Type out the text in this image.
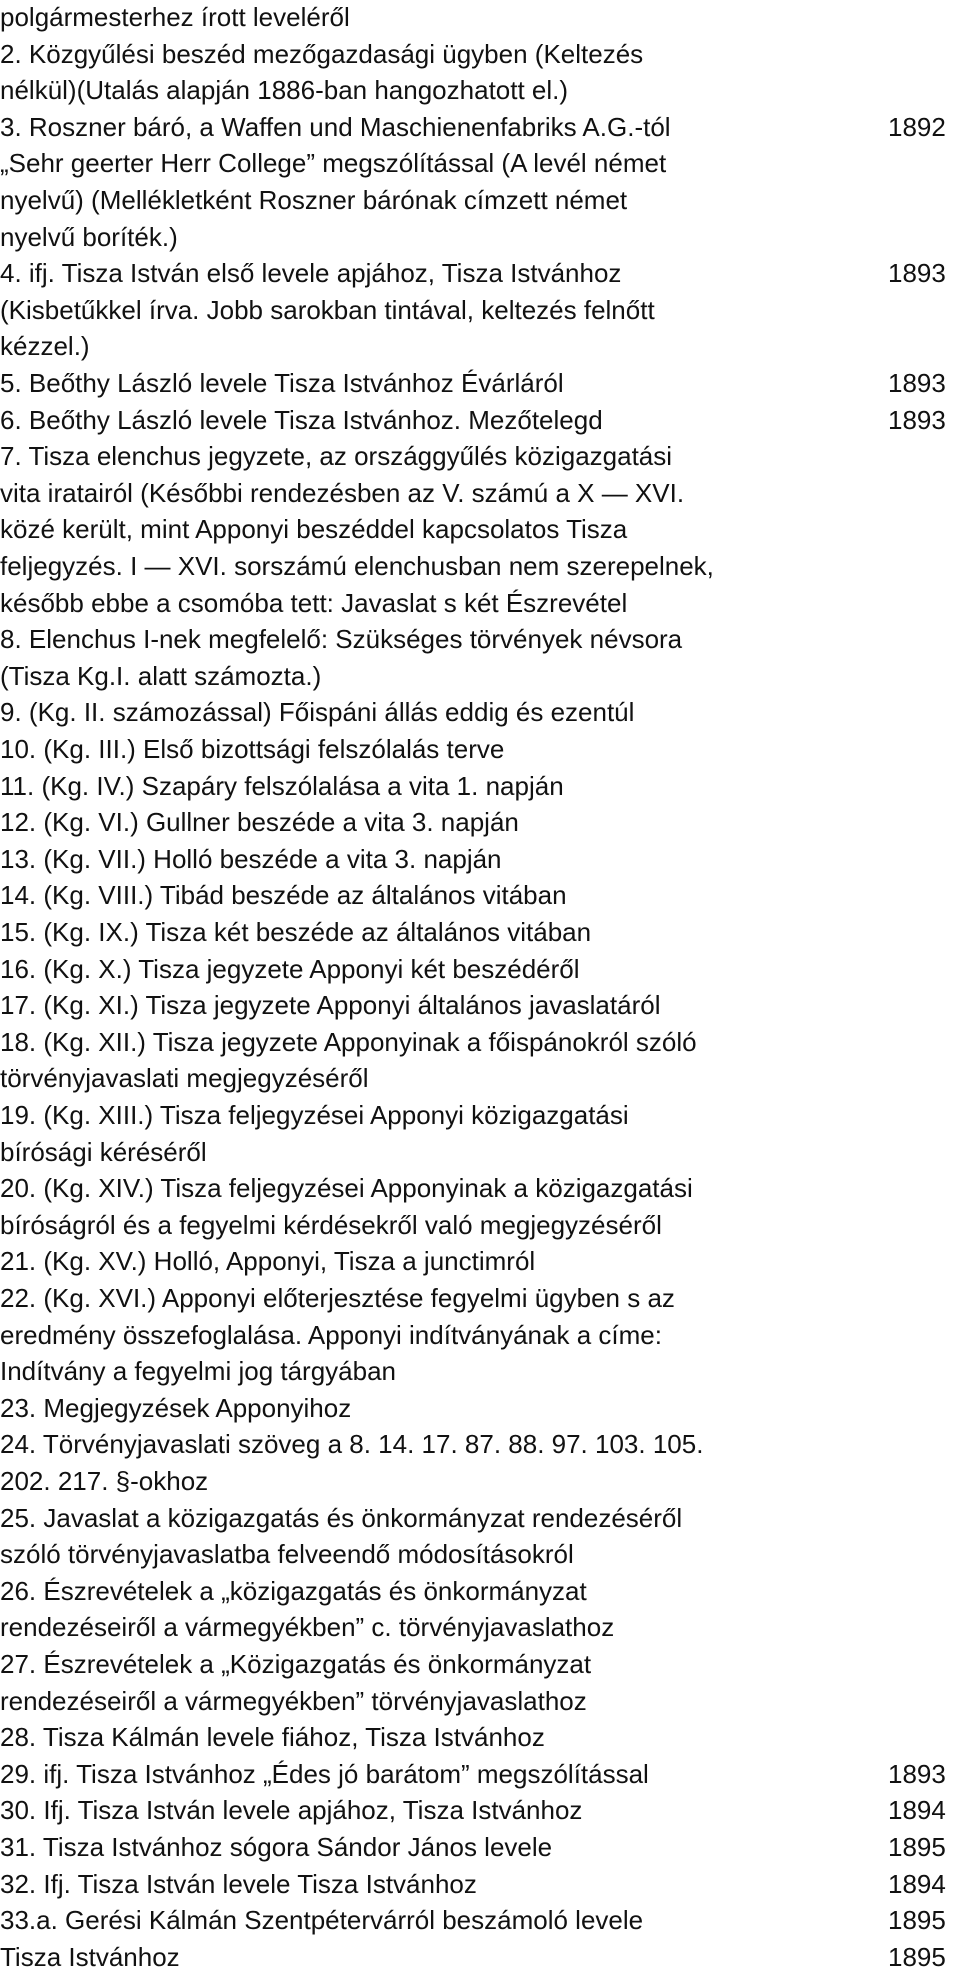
polgármesterhez írott leveléről
2. Közgyűlési beszéd mezőgazdasági ügyben (Keltezés
nélkül)(Utalás alapján 1886-ban hangozhatott el.)
3. Roszner báró, a Waffen und Maschienenfabriks A.G.-tól
„Sehr geerter Herr College” megszólítással (A levél német
nyelvű) (Mellékletként Roszner bárónak címzett német
nyelvű boríték.)
4. ifj. Tisza István első levele apjához, Tisza Istvánhoz
(Kisbetűkkel írva. Jobb sarokban tintával, keltezés felnőtt
kézzel.)
5. Beőthy László levele Tisza Istvánhoz Évárláról
6. Beőthy László levele Tisza Istvánhoz. Mezőtelegd
7. Tisza elenchus jegyzete, az országgyűlés közigazgatási
vita iratairól (Későbbi rendezésben az V. számú a X — XVI.
közé került, mint Apponyi beszéddel kapcsolatos Tisza
feljegyzés. I — XVI. sorszámú elenchusban nem szerepelnek,
később ebbe a csomóba tett: Javaslat s két Észrevétel
8. Elenchus I-nek megfelelő: Szükséges törvények névsora
(Tisza Kg.I. alatt számozta.)
9. (Kg. II. számozással) Főispáni állás eddig és ezentúl
10. (Kg. III.) Első bizottsági felszólalás terve
11. (Kg. IV.) Szapáry felszólalása a vita 1. napján
12. (Kg. VI.) Gullner beszéde a vita 3. napján
13. (Kg. VII.) Holló beszéde a vita 3. napján
14. (Kg. VIII.) Tibád beszéde az általános vitában
15. (Kg. IX.) Tisza két beszéde az általános vitában
16. (Kg. X.) Tisza jegyzete Apponyi két beszédéről
17. (Kg. XI.) Tisza jegyzete Apponyi általános javaslatáról
18. (Kg. XII.) Tisza jegyzete Apponyinak a főispánokról szóló
törvényjavaslati megjegyzéséről
19. (Kg. XIII.) Tisza feljegyzései Apponyi közigazgatási
bírósági kéréséről
20. (Kg. XIV.) Tisza feljegyzései Apponyinak a közigazgatási
bíróságról és a fegyelmi kérdésekről való megjegyzéséről
21. (Kg. XV.) Holló, Apponyi, Tisza a junctimról
22. (Kg. XVI.) Apponyi előterjesztése fegyelmi ügyben s az
eredmény összefoglalása. Apponyi indítványának a címe:
Indítvány a fegyelmi jog tárgyában
23. Megjegyzések Apponyihoz
24. Törvényjavaslati szöveg a 8. 14. 17. 87. 88. 97. 103. 105.
202. 217. §-okhoz
25. Javaslat a közigazgatás és önkormányzat rendezéséről
szóló törvényjavaslatba felveendő módosításokról
26. Észrevételek a „közigazgatás és önkormányzat
rendezéseiről a vármegyékben” c. törvényjavaslathoz
27. Észrevételek a „Közigazgatás és önkormányzat
rendezéseiről a vármegyékben” törvényjavaslathoz
28. Tisza Kálmán levele fiához, Tisza Istvánhoz
29. ifj. Tisza Istvánhoz „Édes jó barátom” megszólítással
30. Ifj. Tisza István levele apjához, Tisza Istvánhoz
31. Tisza Istvánhoz sógora Sándor János levele
32. Ifj. Tisza István levele Tisza Istvánhoz
33.a. Gerési Kálmán Szentpétervárról beszámoló levele
Tisza Istvánhoz
1892
1893
1893
1893
1893
1894
1895
1894
1895
1895
